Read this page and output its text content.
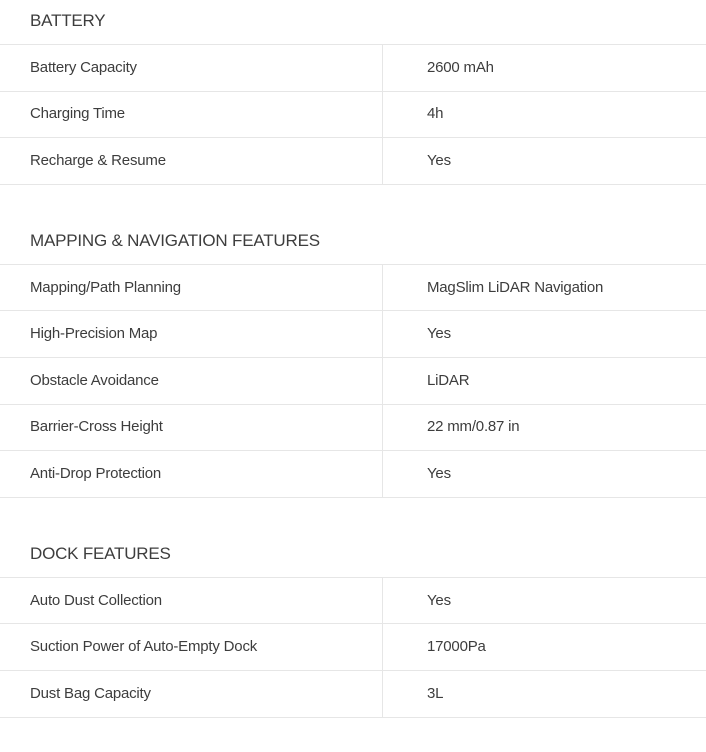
BATTERY
Battery Capacity	2600 mAh
Charging Time	4h
Recharge & Resume	Yes
MAPPING & NAVIGATION FEATURES
Mapping/Path Planning	MagSlim LiDAR Navigation
High-Precision Map	Yes
Obstacle Avoidance	LiDAR
Barrier-Cross Height	22 mm/0.87 in
Anti-Drop Protection	Yes
DOCK FEATURES
Auto Dust Collection	Yes
Suction Power of Auto-Empty Dock	17000Pa
Dust Bag Capacity	3L
